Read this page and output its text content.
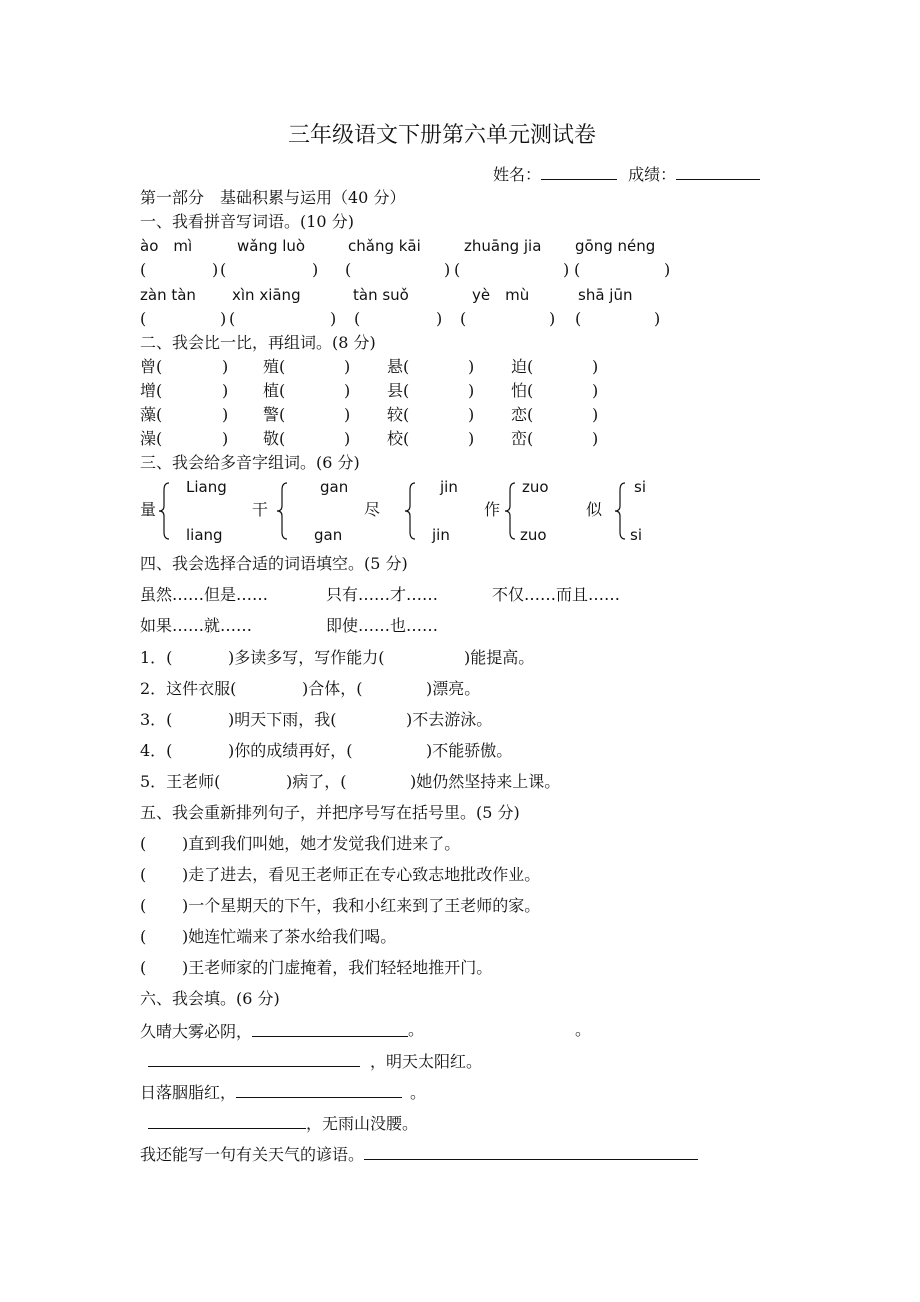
三年级语文下册第六单元测试卷
姓名：	成绩：
第一部分　基础积累与运用（40 分）
一、我看拼音写词语。(10 分)
ào　mì	wǎng luò	chǎng kāi	zhuāng jia gōng néng
(	) (	) (	) (	) (	)
zàn tàn xìn xiāng	tàn suǒ	yè　mù	shā jūn
(	) (	) (	) (	) (	)
二、我会比一比，再组词。(8 分)
曾(	) 殖(	) 悬(	) 迫(	)
增(	) 植(	) 县(	) 怕(	)
藻(	) 警(	) 较(	) 恋(	)
澡(	) 敬(	) 校(	) 峦(	)
三、我会给多音字组词。(6 分)
量
Liang
liang
干
gan
gan
尽
jin
jin
作
zuo
zuo
似
si
si
四、我会选择合适的词语填空。(5 分)
虽然……但是……	只有……才……	不仅……而且……
如果……就……	即使……也……
1．(	)多读多写，写作能力(	)能提高。
2．这件衣服(	)合体，(	)漂亮。
3．(	)明天下雨，我(	)不去游泳。
4．(	)你的成绩再好，(	)不能骄傲。
5．王老师(	)病了，(	)她仍然坚持来上课。
五、我会重新排列句子，并把序号写在括号里。(5 分)
( )直到我们叫她，她才发觉我们进来了。
( )走了进去，看见王老师正在专心致志地批改作业。
( )一个星期天的下午，我和小红来到了王老师的家。
( )她连忙端来了茶水给我们喝。
( )王老师家的门虚掩着，我们轻轻地推开门。
六、我会填。(6 分)
久晴大雾必阴，	。	。
，明天太阳红。
日落胭脂红，	。
，无雨山没腰。
我还能写一句有关天气的谚语。
